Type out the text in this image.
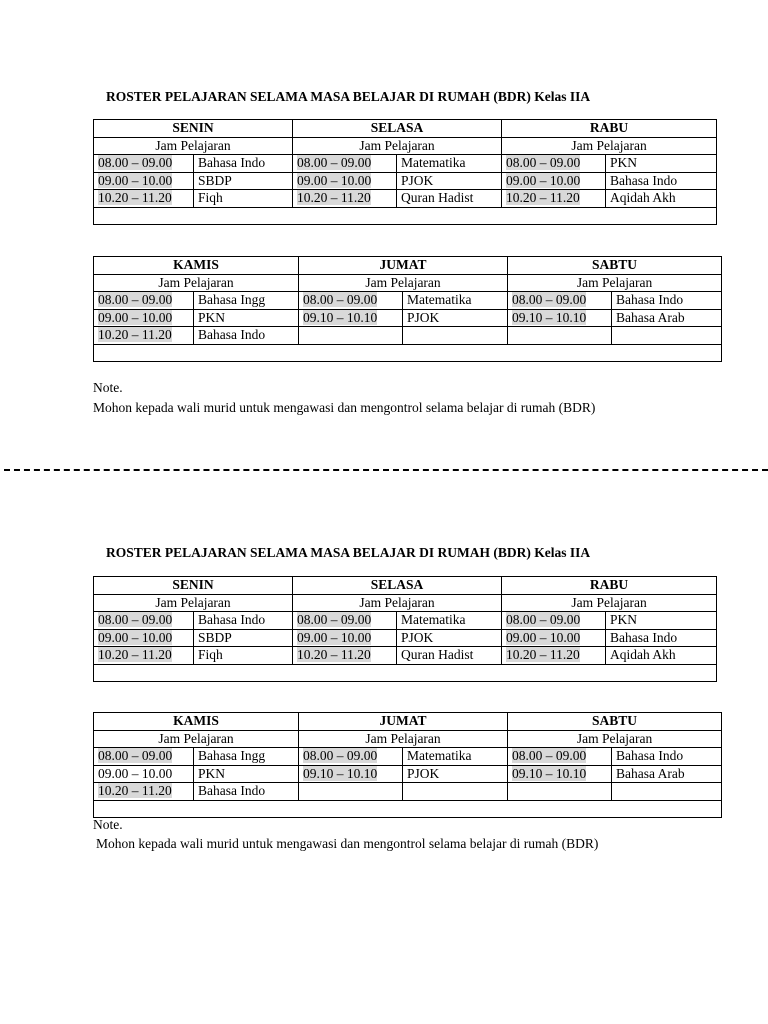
ROSTER PELAJARAN SELAMA MASA BELAJAR DI RUMAH (BDR) Kelas IIA
SENIN		SELASA		RABU	
Jam Pelajaran		Jam Pelajaran		Jam Pelajaran	
08.00 – 09.00	Bahasa Indo	08.00 – 09.00	Matematika	08.00 – 09.00	PKN
09.00 – 10.00	SBDP	09.00 – 10.00	PJOK	09.00 – 10.00	Bahasa Indo
10.20 – 11.20	Fiqh	10.20 – 11.20	Quran Hadist	10.20 – 11.20	Aqidah Akh

KAMIS		JUMAT		SABTU	
Jam Pelajaran		Jam Pelajaran		Jam Pelajaran	
08.00 – 09.00	Bahasa Ingg	08.00 – 09.00	Matematika	08.00 – 09.00	Bahasa Indo
09.00 – 10.00	PKN	09.10 – 10.10	PJOK	09.10 – 10.10	Bahasa Arab
10.20 – 11.20	Bahasa Indo				

Note.
Mohon kepada wali murid untuk mengawasi dan mengontrol selama belajar di rumah (BDR)
ROSTER PELAJARAN SELAMA MASA BELAJAR DI RUMAH (BDR) Kelas IIA
SENIN		SELASA		RABU	
Jam Pelajaran		Jam Pelajaran		Jam Pelajaran	
08.00 – 09.00	Bahasa Indo	08.00 – 09.00	Matematika	08.00 – 09.00	PKN
09.00 – 10.00	SBDP	09.00 – 10.00	PJOK	09.00 – 10.00	Bahasa Indo
10.20 – 11.20	Fiqh	10.20 – 11.20	Quran Hadist	10.20 – 11.20	Aqidah Akh

KAMIS		JUMAT		SABTU	
Jam Pelajaran		Jam Pelajaran		Jam Pelajaran	
08.00 – 09.00	Bahasa Ingg	08.00 – 09.00	Matematika	08.00 – 09.00	Bahasa Indo
09.00 – 10.00	PKN	09.10 – 10.10	PJOK	09.10 – 10.10	Bahasa Arab
10.20 – 11.20	Bahasa Indo				

Note.
Mohon kepada wali murid untuk mengawasi dan mengontrol selama belajar di rumah (BDR)
